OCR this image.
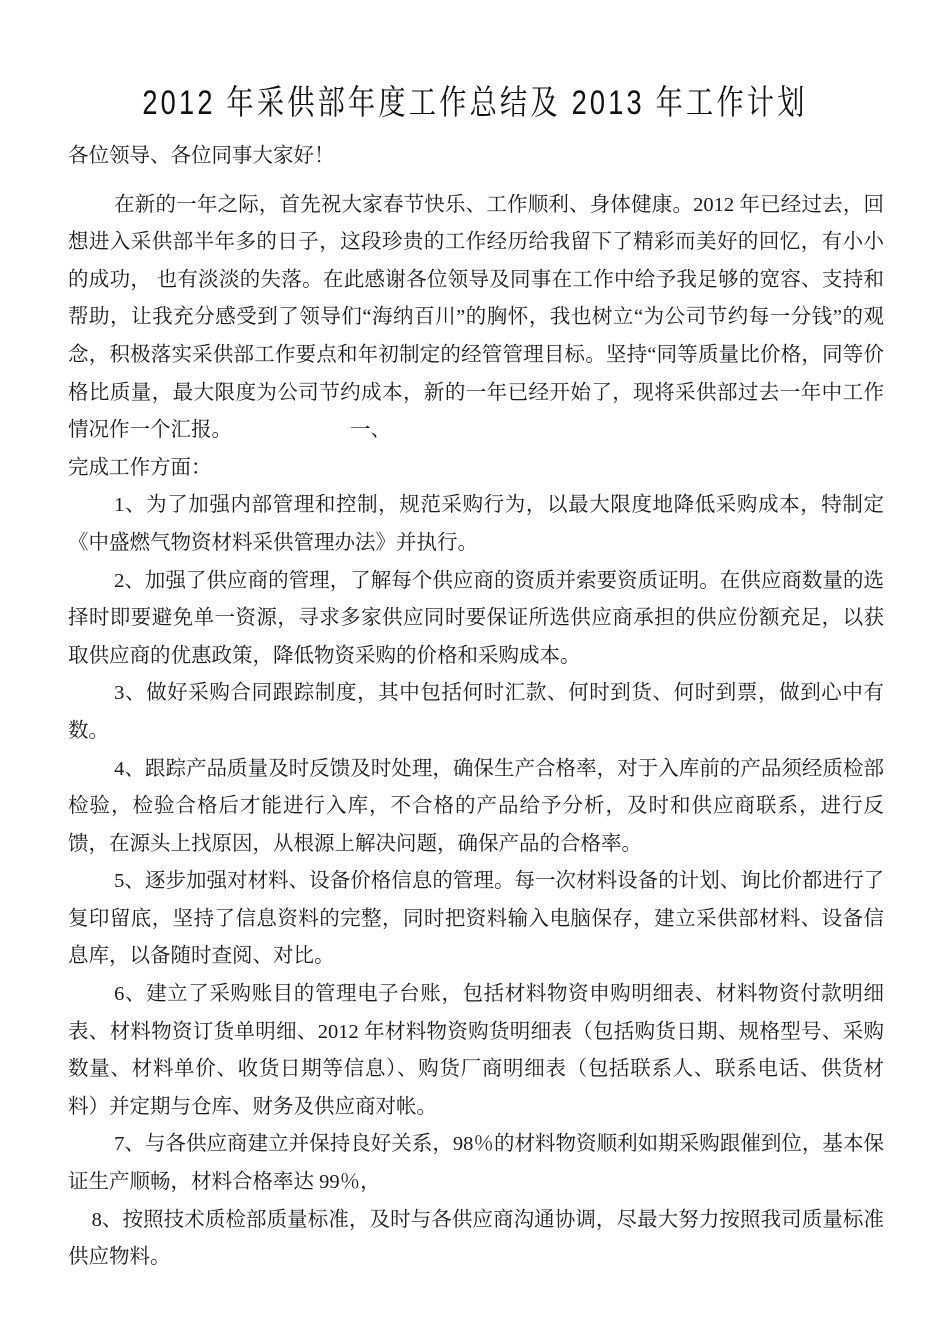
2012 年采供部年度工作总结及 2013 年工作计划

各位领导、各位同事大家好！

在新的一年之际，首先祝大家春节快乐、工作顺利、身体健康。2012 年已经过去，回想进入采供部半年多的日子，这段珍贵的工作经历给我留下了精彩而美好的回忆，有小小的成功， 也有淡淡的失落。在此感谢各位领导及同事在工作中给予我足够的宽容、支持和帮助，让我充分感受到了领导们“海纳百川”的胸怀，我也树立“为公司节约每一分钱”的观念，积极落实采供部工作要点和年初制定的经管管理目标。坚持“同等质量比价格，同等价格比质量，最大限度为公司节约成本，新的一年已经开始了，现将采供部过去一年中工作情况作一个汇报。	一、

完成工作方面：

1、为了加强内部管理和控制，规范采购行为，以最大限度地降低采购成本，特制定《中盛燃气物资材料采供管理办法》并执行。

2、加强了供应商的管理，了解每个供应商的资质并索要资质证明。在供应商数量的选择时即要避免单一资源，寻求多家供应同时要保证所选供应商承担的供应份额充足，以获取供应商的优惠政策，降低物资采购的价格和采购成本。

3、做好采购合同跟踪制度，其中包括何时汇款、何时到货、何时到票，做到心中有数。

4、跟踪产品质量及时反馈及时处理，确保生产合格率，对于入库前的产品须经质检部检验，检验合格后才能进行入库，不合格的产品给予分析，及时和供应商联系，进行反馈，在源头上找原因，从根源上解决问题，确保产品的合格率。

5、逐步加强对材料、设备价格信息的管理。每一次材料设备的计划、询比价都进行了复印留底，坚持了信息资料的完整，同时把资料输入电脑保存，建立采供部材料、设备信息库，以备随时查阅、对比。

6、建立了采购账目的管理电子台账，包括材料物资申购明细表、材料物资付款明细表、材料物资订货单明细、2012 年材料物资购货明细表（包括购货日期、规格型号、采购数量、材料单价、收货日期等信息）、购货厂商明细表（包括联系人、联系电话、供货材料）并定期与仓库、财务及供应商对帐。

7、与各供应商建立并保持良好关系，98％的材料物资顺利如期采购跟催到位，基本保证生产顺畅，材料合格率达 99％，

8、按照技术质检部质量标准，及时与各供应商沟通协调，尽最大努力按照我司质量标准供应物料。
